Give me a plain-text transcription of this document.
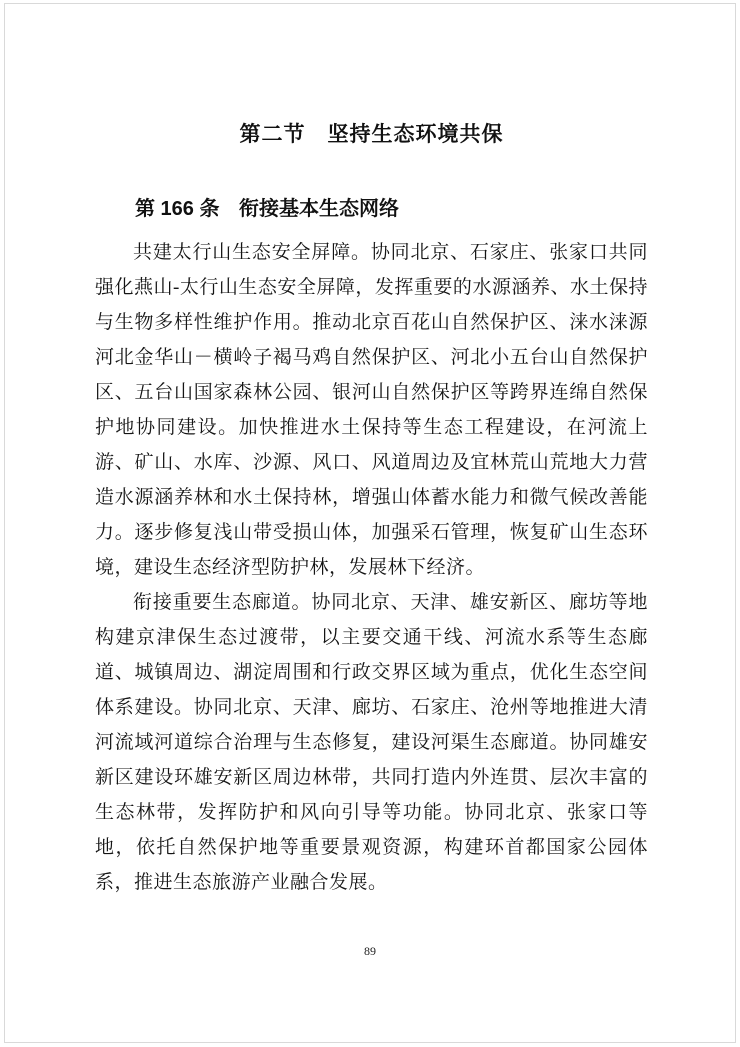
第二节　坚持生态环境共保
第 166 条 衔接基本生态网络

共建太行山生态安全屏障。协同北京、石家庄、张家口共同强化燕山-太行山生态安全屏障，发挥重要的水源涵养、水土保持与生物多样性维护作用。推动北京百花山自然保护区、涞水涞源河北金华山－横岭子褐马鸡自然保护区、河北小五台山自然保护区、五台山国家森林公园、银河山自然保护区等跨界连绵自然保护地协同建设。加快推进水土保持等生态工程建设，在河流上游、矿山、水库、沙源、风口、风道周边及宜林荒山荒地大力营造水源涵养林和水土保持林，增强山体蓄水能力和微气候改善能力。逐步修复浅山带受损山体，加强采石管理，恢复矿山生态环境，建设生态经济型防护林，发展林下经济。

衔接重要生态廊道。协同北京、天津、雄安新区、廊坊等地构建京津保生态过渡带，以主要交通干线、河流水系等生态廊道、城镇周边、湖淀周围和行政交界区域为重点，优化生态空间体系建设。协同北京、天津、廊坊、石家庄、沧州等地推进大清河流域河道综合治理与生态修复，建设河渠生态廊道。协同雄安新区建设环雄安新区周边林带，共同打造内外连贯、层次丰富的生态林带，发挥防护和风向引导等功能。协同北京、张家口等地，依托自然保护地等重要景观资源，构建环首都国家公园体系，推进生态旅游产业融合发展。

89
